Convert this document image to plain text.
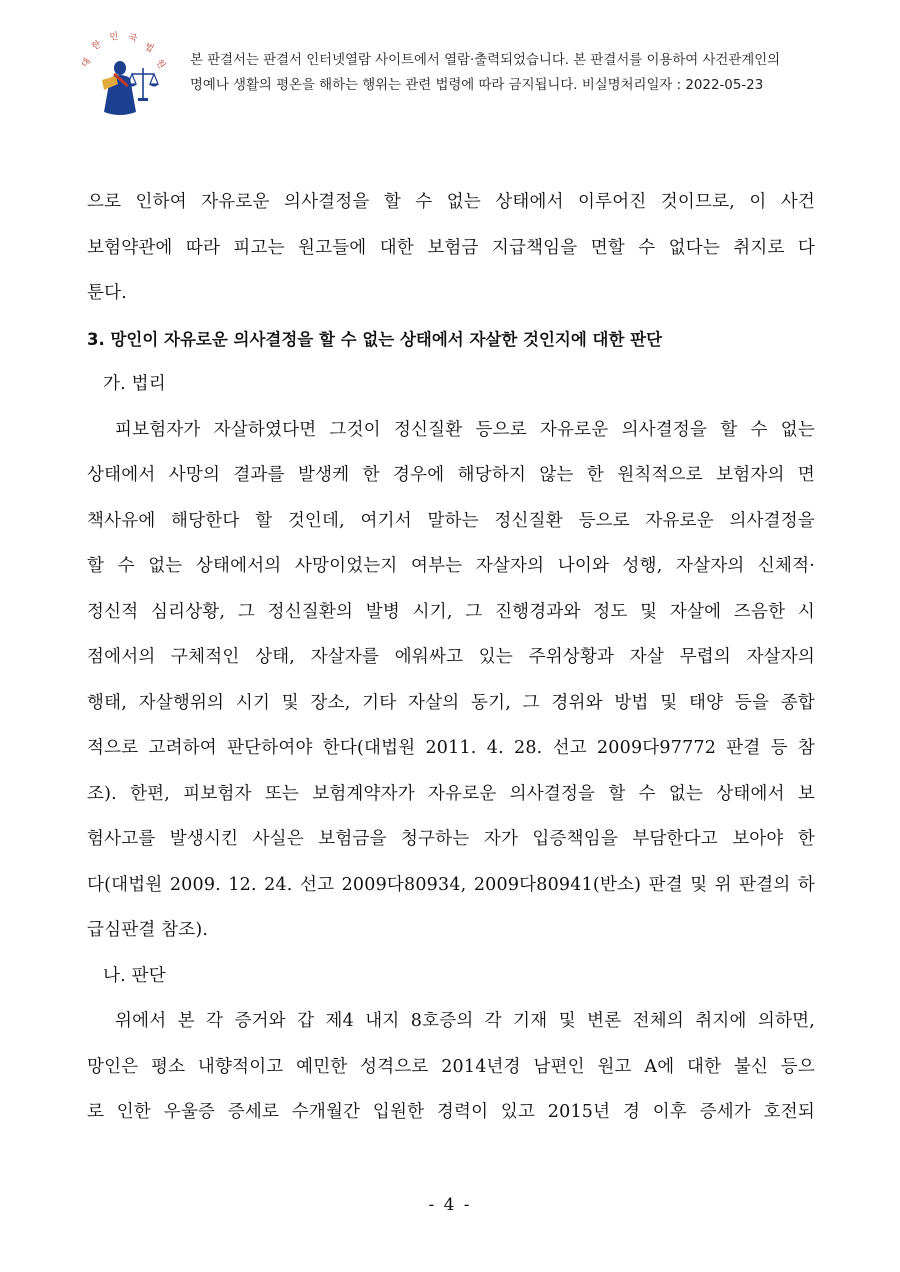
대
한
민 국
법
원 본 판결서는 판결서 인터넷열람 사이트에서 열람·출력되었습니다. 본 판결서를 이용하여 사건관계인의
명예나 생활의 평온을 해하는 행위는 관련 법령에 따라 금지됩니다. 비실명처리일자 : 2022-05-23
으로 인하여 자유로운 의사결정을 할 수 없는 상태에서 이루어진 것이므로, 이 사건
보험약관에 따라 피고는 원고들에 대한 보험금 지급책임을 면할 수 없다는 취지로 다
툰다.
3. 망인이 자유로운 의사결정을 할 수 없는 상태에서 자살한 것인지에 대한 판단
가. 법리
피보험자가 자살하였다면 그것이 정신질환 등으로 자유로운 의사결정을 할 수 없는
상태에서 사망의 결과를 발생케 한 경우에 해당하지 않는 한 원칙적으로 보험자의 면
책사유에 해당한다 할 것인데, 여기서 말하는 정신질환 등으로 자유로운 의사결정을
할 수 없는 상태에서의 사망이었는지 여부는 자살자의 나이와 성행, 자살자의 신체적·
정신적 심리상황, 그 정신질환의 발병 시기, 그 진행경과와 정도 및 자살에 즈음한 시
점에서의 구체적인 상태, 자살자를 에워싸고 있는 주위상황과 자살 무렵의 자살자의
행태, 자살행위의 시기 및 장소, 기타 자살의 동기, 그 경위와 방법 및 태양 등을 종합
적으로 고려하여 판단하여야 한다(대법원 2011. 4. 28. 선고 2009다97772 판결 등 참
조). 한편, 피보험자 또는 보험계약자가 자유로운 의사결정을 할 수 없는 상태에서 보
험사고를 발생시킨 사실은 보험금을 청구하는 자가 입증책임을 부담한다고 보아야 한
다(대법원 2009. 12. 24. 선고 2009다80934, 2009다80941(반소) 판결 및 위 판결의 하
급심판결 참조).
나. 판단
위에서 본 각 증거와 갑 제4 내지 8호증의 각 기재 및 변론 전체의 취지에 의하면,
망인은 평소 내향적이고 예민한 성격으로 2014년경 남편인 원고 A에 대한 불신 등으
로 인한 우울증 증세로 수개월간 입원한 경력이 있고 2015년 경 이후 증세가 호전되
- 4 -
